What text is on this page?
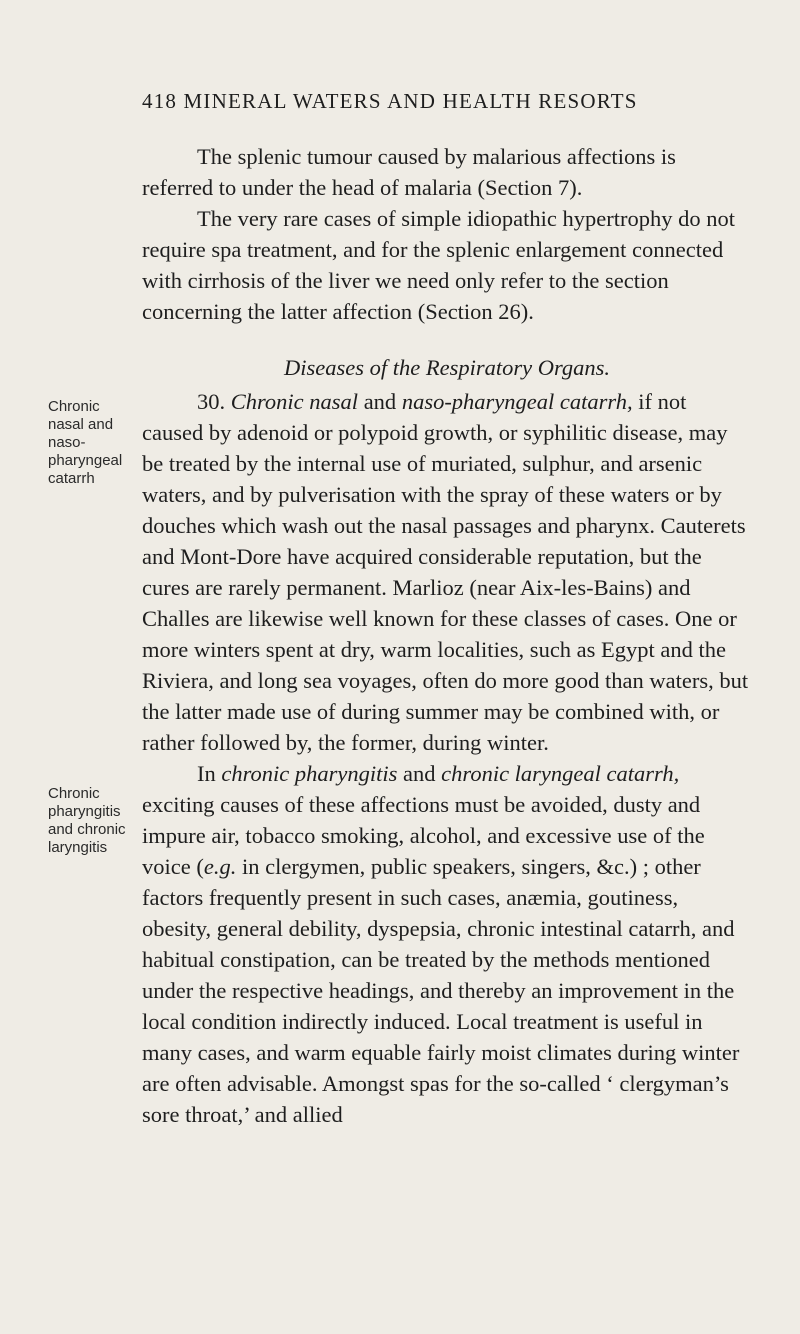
418 MINERAL WATERS AND HEALTH RESORTS

The splenic tumour caused by malarious affections is referred to under the head of malaria (Section 7).

The very rare cases of simple idiopathic hypertrophy do not require spa treatment, and for the splenic enlargement connected with cirrhosis of the liver we need only refer to the section concerning the latter affection (Section 26).

Diseases of the Respiratory Organs.
Chronic nasal and naso-pharyngeal catarrh
Chronic pharyngitis and chronic laryngitis

30. Chronic nasal and naso-pharyngeal catarrh, if not caused by adenoid or polypoid growth, or syphilitic disease, may be treated by the internal use of muriated, sulphur, and arsenic waters, and by pulverisation with the spray of these waters or by douches which wash out the nasal passages and pharynx. Cauterets and Mont-Dore have acquired considerable reputation, but the cures are rarely permanent. Marlioz (near Aix-les-Bains) and Challes are likewise well known for these classes of cases. One or more winters spent at dry, warm localities, such as Egypt and the Riviera, and long sea voyages, often do more good than waters, but the latter made use of during summer may be combined with, or rather followed by, the former, during winter.

In chronic pharyngitis and chronic laryngeal catarrh, exciting causes of these affections must be avoided, dusty and impure air, tobacco smoking, alcohol, and excessive use of the voice (e.g. in clergymen, public speakers, singers, &c.) ; other factors frequently present in such cases, anæmia, goutiness, obesity, general debility, dyspepsia, chronic intestinal catarrh, and habitual constipation, can be treated by the methods mentioned under the respective headings, and thereby an improvement in the local condition indirectly induced. Local treatment is useful in many cases, and warm equable fairly moist climates during winter are often advisable. Amongst spas for the so-called ‘ clergyman’s sore throat,’ and allied
